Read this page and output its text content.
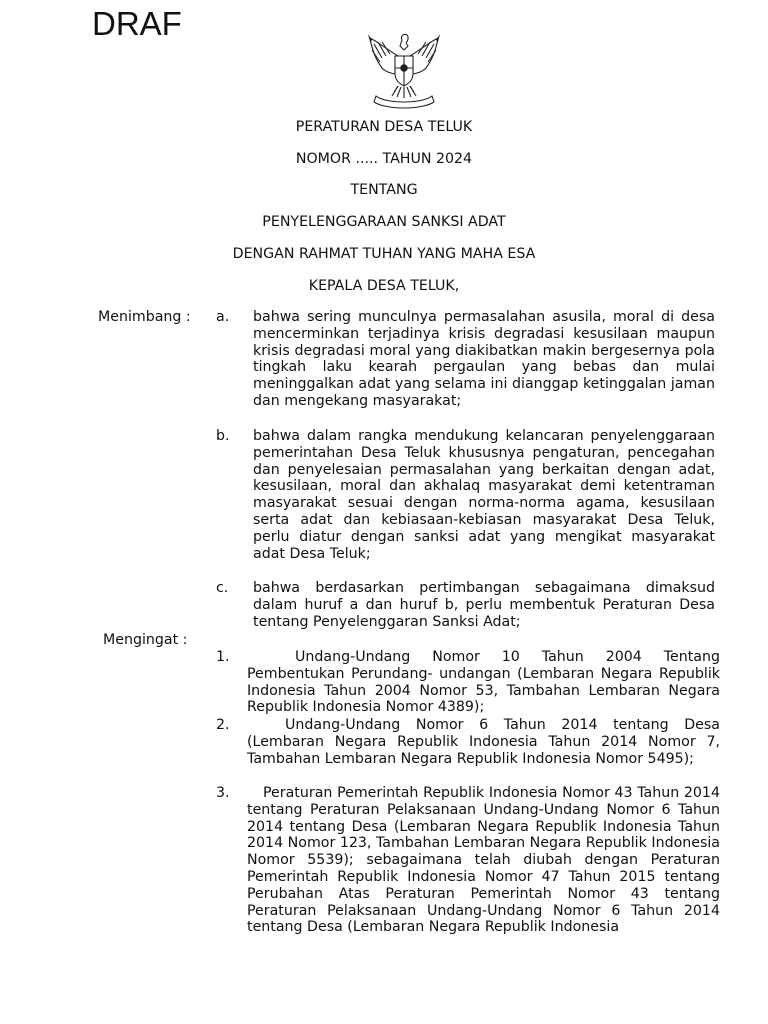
DRAF
PERATURAN DESA TELUK
NOMOR ..... TAHUN 2024
TENTANG
PENYELENGGARAAN SANKSI ADAT
DENGAN RAHMAT TUHAN YANG MAHA ESA
KEPALA DESA TELUK,
Menimbang : a. bahwa sering munculnya permasalahan asusila, moral di desa mencerminkan terjadinya krisis degradasi kesusilaan maupun krisis degradasi moral yang diakibatkan makin bergesernya pola tingkah laku kearah pergaulan yang bebas dan mulai meninggalkan adat yang selama ini dianggap ketinggalan jaman dan mengekang masyarakat;
b. bahwa dalam rangka mendukung kelancaran penyelenggaraan pemerintahan Desa Teluk khususnya pengaturan, pencegahan dan penyelesaian permasalahan yang berkaitan dengan adat, kesusilaan, moral dan akhalaq masyarakat demi ketentraman masyarakat sesuai dengan norma-norma agama, kesusilaan serta adat dan kebiasaan-kebiasan masyarakat Desa Teluk, perlu diatur dengan sanksi adat yang mengikat masyarakat adat Desa Teluk;
c. bahwa berdasarkan pertimbangan sebagaimana dimaksud dalam huruf a dan huruf b, perlu membentuk Peraturan Desa tentang Penyelenggaran Sanksi Adat;
Mengingat :
1.	Undang-Undang Nomor 10 Tahun 2004 Tentang Pembentukan Perundang- undangan (Lembaran Negara Republik Indonesia Tahun 2004 Nomor 53, Tambahan Lembaran Negara Republik Indonesia Nomor 4389);
2.	Undang-Undang Nomor 6 Tahun 2014 tentang Desa (Lembaran Negara Republik Indonesia Tahun 2014 Nomor 7, Tambahan Lembaran Negara Republik Indonesia Nomor 5495);
3.	Peraturan Pemerintah Republik Indonesia Nomor 43 Tahun 2014 tentang Peraturan Pelaksanaan Undang-Undang Nomor 6 Tahun 2014 tentang Desa (Lembaran Negara Republik Indonesia Tahun 2014 Nomor 123, Tambahan Lembaran Negara Republik Indonesia Nomor 5539); sebagaimana telah diubah dengan Peraturan Pemerintah Republik Indonesia Nomor 47 Tahun 2015 tentang Perubahan Atas Peraturan Pemerintah Nomor 43 tentang Peraturan Pelaksanaan Undang-Undang Nomor 6 Tahun 2014 tentang Desa (Lembaran Negara Republik Indonesia
